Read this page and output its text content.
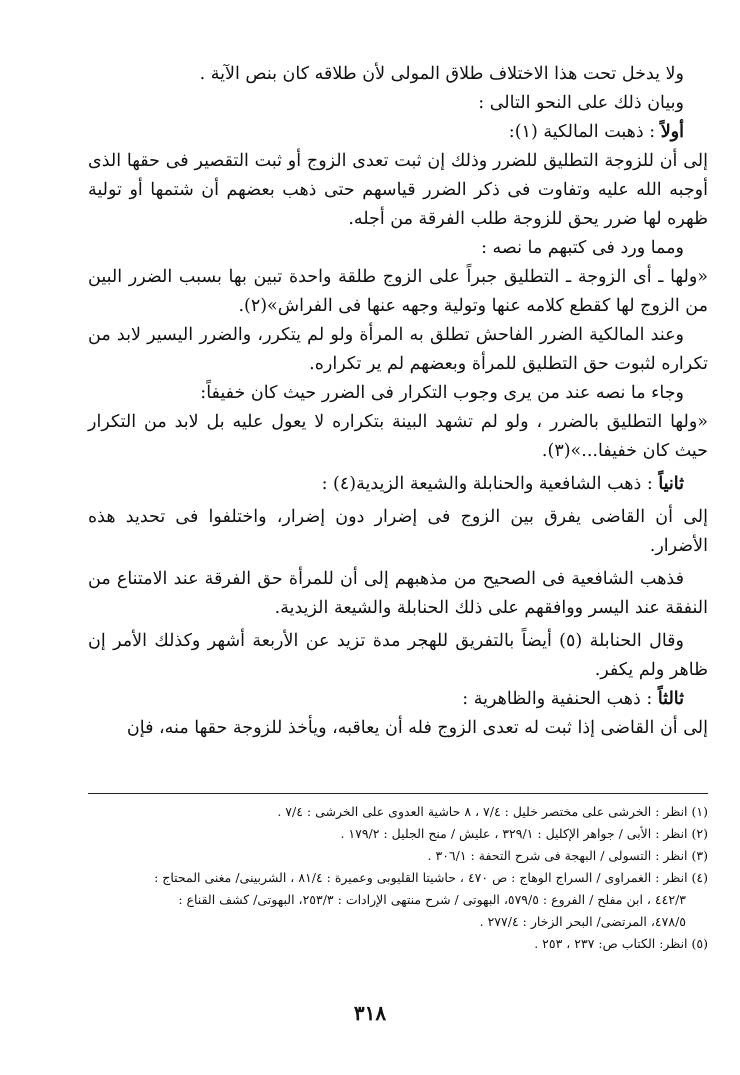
ولا يدخل تحت هذا الاختلاف طلاق المولى لأن طلاقه كان بنص الآية .

وبيان ذلك على النحو التالى :

أولاً : ذهبت المالكية (١):

إلى أن للزوجة التطليق للضرر وذلك إن ثبت تعدى الزوج أو ثبت التقصير فى حقها الذى أوجبه الله عليه وتفاوت فى ذكر الضرر قياسهم حتى ذهب بعضهم أن شتمها أو تولية ظهره لها ضرر يحق للزوجة طلب الفرقة من أجله.

ومما ورد فى كتبهم ما نصه :

«ولها ـ أى الزوجة ـ التطليق جبراً على الزوج طلقة واحدة تبين بها بسبب الضرر البين من الزوج لها كقطع كلامه عنها وتولية وجهه عنها فى الفراش»(٢).

وعند المالكية الضرر الفاحش تطلق به المرأة ولو لم يتكرر، والضرر اليسير لابد من تكراره لثبوت حق التطليق للمرأة وبعضهم لم ير تكراره.

وجاء ما نصه عند من يرى وجوب التكرار فى الضرر حيث كان خفيفاً:

«ولها التطليق بالضرر ، ولو لم تشهد البينة بتكراره لا يعول عليه بل لابد من التكرار حيث كان خفيفا...»(٣).

ثانياً : ذهب الشافعية والحنابلة والشيعة الزيدية(٤) :

إلى أن القاضى يفرق بين الزوج فى إضرار دون إضرار، واختلفوا فى تحديد هذه الأضرار.

فذهب الشافعية فى الصحيح من مذهبهم إلى أن للمرأة حق الفرقة عند الامتناع من النفقة عند اليسر ووافقهم على ذلك الحنابلة والشيعة الزيدية.

وقال الحنابلة (٥) أيضاً بالتفريق للهجر مدة تزيد عن الأربعة أشهر وكذلك الأمر إن ظاهر ولم يكفر.

ثالثاً : ذهب الحنفية والظاهرية :

إلى أن القاضى إذا ثبت له تعدى الزوج فله أن يعاقبه، ويأخذ للزوجة حقها منه، فإن

(١) انظر : الخرشى على مختصر خليل : ٧/٤ ، ٨ حاشية العدوى على الخرشى : ٧/٤ .

(٢) انظر : الأبى / جواهر الإكليل : ٣٢٩/١ ، عليش / منح الجليل : ١٧٩/٢ .

(٣) انظر : التسولى / البهجة فى شرح التحفة : ٣٠٦/١ .

(٤) انظر : الغمراوى / السراج الوهاج : ص ٤٧٠ ، حاشيتا القليوبى وعميرة : ٨١/٤ ، الشربينى/ مغنى المحتاج :

٤٤٢/٣ ، ابن مفلح / الفروع : ٥٧٩/٥، البهوتى / شرح منتهى الإرادات : ٢٥٣/٣، البهوتى/ كشف القناع :

٤٧٨/٥، المرتضى/ البحر الزخار : ٢٧٧/٤ .

(٥) انظر: الكتاب ص: ٢٣٧ ، ٢٥٣ .

٣١٨
